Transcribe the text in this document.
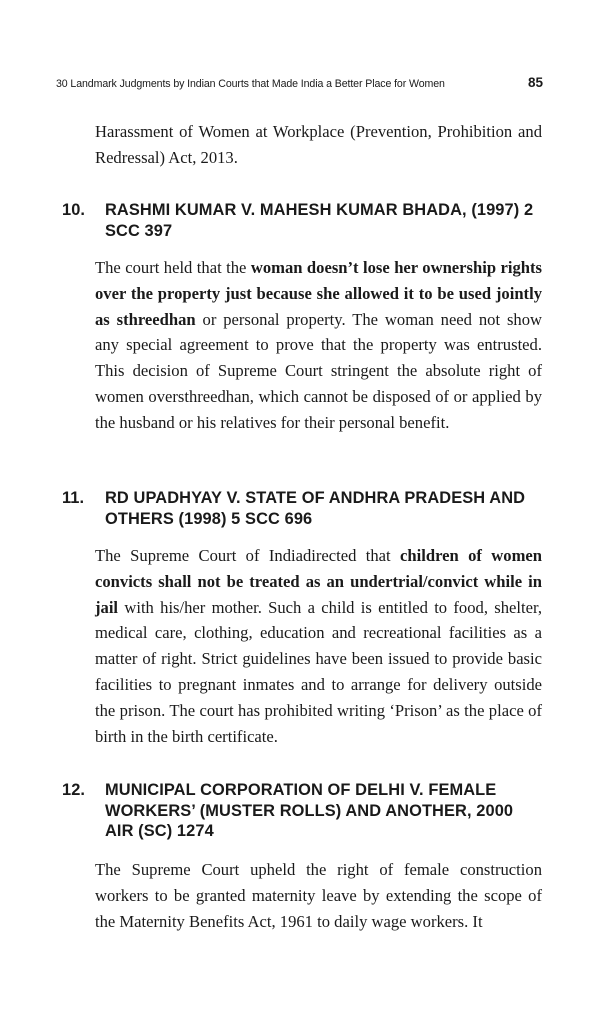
30 Landmark Judgments by Indian Courts that Made India a Better Place for Women	85

Harassment of Women at Workplace (Prevention, Prohibition and Redressal) Act, 2013.

10.	RASHMI KUMAR V. MAHESH KUMAR BHADA, (1997) 2 SCC 397

The court held that the woman doesn’t lose her ownership rights over the property just because she allowed it to be used jointly as sthreedhan or personal property. The woman need not show any special agreement to prove that the property was entrusted. This decision of Supreme Court stringent the absolute right of women oversthreedhan, which cannot be disposed of or applied by the husband or his relatives for their personal benefit.

11.	RD UPADHYAY V. STATE OF ANDHRA PRADESH AND OTHERS (1998) 5 SCC 696

The Supreme Court of Indiadirected that children of women convicts shall not be treated as an undertrial/convict while in jail with his/her mother. Such a child is entitled to food, shelter, medical care, clothing, education and recreational facilities as a matter of right. Strict guidelines have been issued to provide basic facilities to pregnant inmates and to arrange for delivery outside the prison. The court has prohibited writing ‘Prison’ as the place of birth in the birth certificate.

12.	MUNICIPAL CORPORATION OF DELHI V. FEMALE WORKERS’ (MUSTER ROLLS) AND ANOTHER, 2000 AIR (SC) 1274

The Supreme Court upheld the right of female construction workers to be granted maternity leave by extending the scope of the Maternity Benefits Act, 1961 to daily wage workers. It
